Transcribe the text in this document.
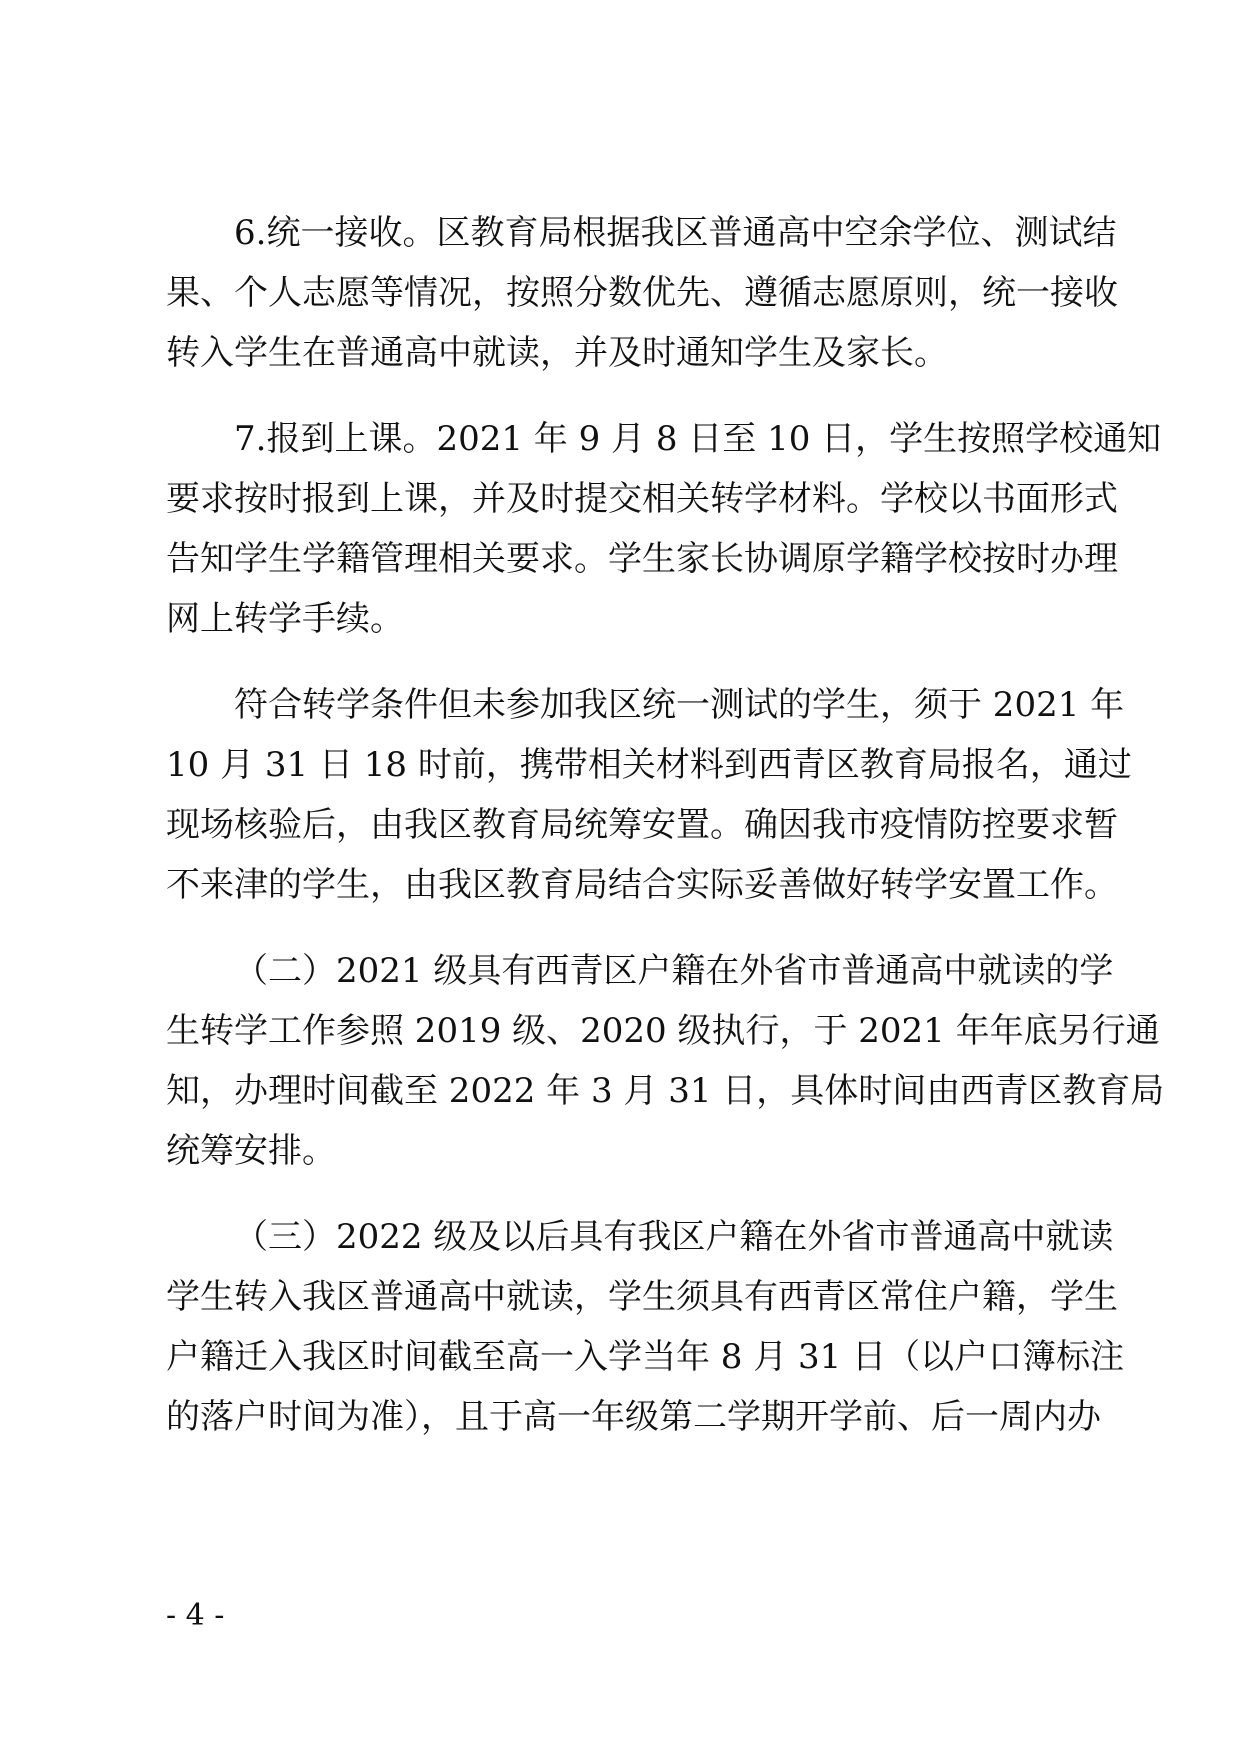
6.统一接收。区教育局根据我区普通高中空余学位、测试结
果、个人志愿等情况，按照分数优先、遵循志愿原则，统一接收
转入学生在普通高中就读，并及时通知学生及家长。
7.报到上课。2021 年 9 月 8 日至 10 日，学生按照学校通知
要求按时报到上课，并及时提交相关转学材料。学校以书面形式
告知学生学籍管理相关要求。学生家长协调原学籍学校按时办理
网上转学手续。
符合转学条件但未参加我区统一测试的学生，须于 2021 年
10 月 31 日 18 时前，携带相关材料到西青区教育局报名，通过
现场核验后，由我区教育局统筹安置。确因我市疫情防控要求暂
不来津的学生，由我区教育局结合实际妥善做好转学安置工作。
（二）2021 级具有西青区户籍在外省市普通高中就读的学
生转学工作参照 2019 级、2020 级执行，于 2021 年年底另行通
知，办理时间截至 2022 年 3 月 31 日，具体时间由西青区教育局
统筹安排。
（三）2022 级及以后具有我区户籍在外省市普通高中就读
学生转入我区普通高中就读，学生须具有西青区常住户籍，学生
户籍迁入我区时间截至高一入学当年 8 月 31 日（以户口簿标注
的落户时间为准），且于高一年级第二学期开学前、后一周内办
- 4 -
